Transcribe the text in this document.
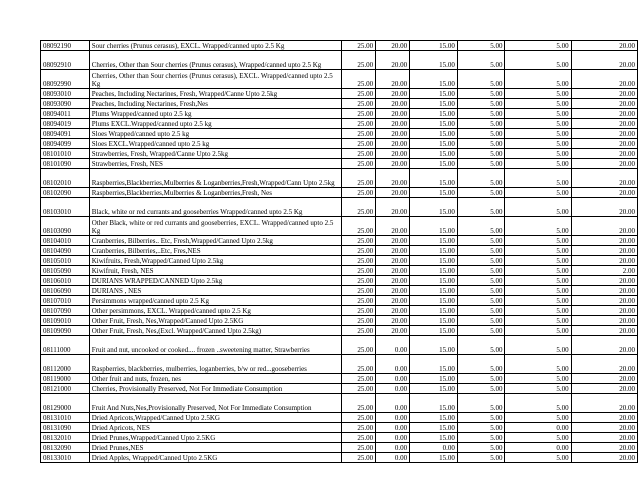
08092190	Sour cherries (Prunus cerasus), EXCL. Wrapped/canned upto 2.5 Kg	25.00	20.00	15.00	5.00	5.00	20.00
08092910	Cherries, Other than Sour cherries (Prunus cerasus), Wrapped/canned upto 2.5 Kg	25.00	20.00	15.00	5.00	5.00	20.00
08092990	Cherries, Other than Sour cherries (Prunus cerasus), EXCL. Wrapped/canned upto 2.5 Kg	25.00	20.00	15.00	5.00	5.00	20.00
08093010	Peaches, Including Nectarines, Fresh, Wrapped/Canne Upto 2.5kg	25.00	20.00	15.00	5.00	5.00	20.00
08093090	Peaches, Including Nectarines, Fresh,Nes	25.00	20.00	15.00	5.00	5.00	20.00
08094011	Plums Wrapped/canned upto 2.5 kg	25.00	20.00	15.00	5.00	5.00	20.00
08094019	Plums EXCL.Wrapped/canned upto 2.5 kg	25.00	20.00	15.00	5.00	5.00	20.00
08094091	Sloes Wrapped/canned upto 2.5 kg	25.00	20.00	15.00	5.00	5.00	20.00
08094099	Sloes EXCL.Wrapped/canned upto 2.5 kg	25.00	20.00	15.00	5.00	5.00	20.00
08101010	Strawberries, Fresh, Wrapped/Canne Upto 2.5kg	25.00	20.00	15.00	5.00	5.00	20.00
08101090	Strawberries, Fresh, NES	25.00	20.00	15.00	5.00	5.00	20.00
08102010	Raspberries,Blackberries,Mulberries & Loganberries,Fresh,Wrapped/Cann Upto 2.5kg	25.00	20.00	15.00	5.00	5.00	20.00
08102090	Raspberries,Blackberries,Mulberries & Loganberries,Fresh, Nes	25.00	20.00	15.00	5.00	5.00	20.00
08103010	Black, white or red currants and gooseberries Wrapped/canned upto 2.5 Kg	25.00	20.00	15.00	5.00	5.00	20.00
08103090	Other Black, white or red currants and gooseberries, EXCL. Wrapped/canned upto 2.5 Kg	25.00	20.00	15.00	5.00	5.00	20.00
08104010	Cranberries, Bilberries.. Etc, Fresh,Wrapped/Canned Upto 2.5kg	25.00	20.00	15.00	5.00	5.00	20.00
08104090	Cranberries, Bilberries,..Etc, Fres,NES	25.00	20.00	15.00	5.00	5.00	20.00
08105010	Kiwifruits, Fresh,Wrapped/Canned Upto 2.5kg	25.00	20.00	15.00	5.00	5.00	20.00
08105090	Kiwifruit, Fresh, NES	25.00	20.00	15.00	5.00	5.00	2.00
08106010	DURIANS WRAPPED/CANNED Upto 2.5kg	25.00	20.00	15.00	5.00	5.00	20.00
08106090	DURIANS , NES	25.00	20.00	15.00	5.00	5.00	20.00
08107010	Persimmons wrapped/canned upto 2.5 Kg	25.00	20.00	15.00	5.00	5.00	20.00
08107090	Other persimmons, EXCL. Wrapped/canned upto 2.5 Kg	25.00	20.00	15.00	5.00	5.00	20.00
08109010	Other Fruit, Fresh, Nes,Wrapped/Canned Upto 2.5KG	25.00	20.00	15.00	5.00	5.00	20.00
08109090	Other Fruit, Fresh, Nes,(Excl. Wrapped/Canned Upto 2.5kg)	25.00	20.00	15.00	5.00	5.00	20.00
08111000	Fruit and nut, uncooked or cooked.... frozen ..sweetening matter, Strawberries	25.00	0.00	15.00	5.00	5.00	20.00
08112000	Raspberries, blackberries, mulberries, loganberries, b/w or red...gooseberries	25.00	0.00	15.00	5.00	5.00	20.00
08119000	Other fruit and nuts, frozen, nes	25.00	0.00	15.00	5.00	5.00	20.00
08121000	Cherries, Provisionally Preserved, Not For Immediate Consumption	25.00	0.00	15.00	5.00	5.00	20.00
08129000	Fruit And Nuts,Nes,Provisionally Preserved, Not For Immediate Consumption	25.00	0.00	15.00	5.00	5.00	20.00
08131010	Dried Apricots,Wrapped/Canned Upto 2.5KG	25.00	0.00	15.00	5.00	5.00	20.00
08131090	Dried Apricots, NES	25.00	0.00	15.00	5.00	0.00	20.00
08132010	Dried Prunes,Wrapped/Canned Upto 2.5KG	25.00	0.00	15.00	5.00	5.00	20.00
08132090	Dried Prunes,NES	25.00	0.00	0.00	5.00	0.00	20.00
08133010	Dried Apples, Wrapped/Canned Upto 2.5KG	25.00	0.00	15.00	5.00	5.00	20.00
